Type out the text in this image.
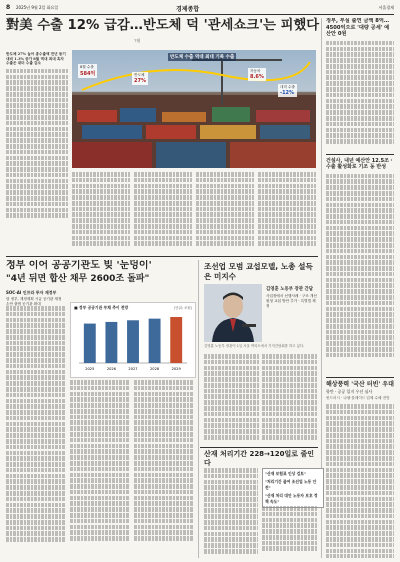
8 2025년 9월 2일 화요일	경제종합	서울경제
對美 수출 12% 급감…반도체 덕 '관세쇼크'는 피했다
7월
반도체 27% 늘어 총수출액 전년 동기 대비 1.3% 증가 8월 역대 최대 흑자 수출은 대미 수출 감소
반도체 수출 역대 최대 기록 수출
8월 수출
584억	반도체
27%
자동차
8.6%
대미 수출
-12%
정부, 부실 출연 금액 8억…4500억으로 '대량 공세' 예산안 0원
건설사, 내년 예산안 12.5조 · 수출 활성화로 기조 동 반성
해상풍력 '국산 터빈' 우대
항만 · 공공 입지 우선 심사
윈드러시 · 나셀·블레이드 업체 수혜 전망
정부 이어 공공기관도 빚 '눈덩이'
"4년 뒤면 합산 채무 2600조 돌파"
SOC·AI 인프라 투자 재정부
담 정부, 재정계획 시급 공기관 재정 손안 출범 공기관 확대
■ 정부 공공기관 부채 추이 전망	(단위: 조원)
2025	2026	2027	2028	2029
조선업 모범 교섭모델, 노총 설득은 미지수
김영훈 노동부 장관 간담
사업장에서 선행사례 · 구조 개선
원청 교섭 방안 추가 · 특별법 제정
김영훈 노동부 장관이 1일 서울 여의도에서 기자간담회를 하고 있다.
산재 처리기간 228→120일로 줄인다
"산재 보험료 인상 검토"
"처리기간 줄여 조선업 노동 안전"
"산재 처리 대안 노동자 보호 정책 속도"
